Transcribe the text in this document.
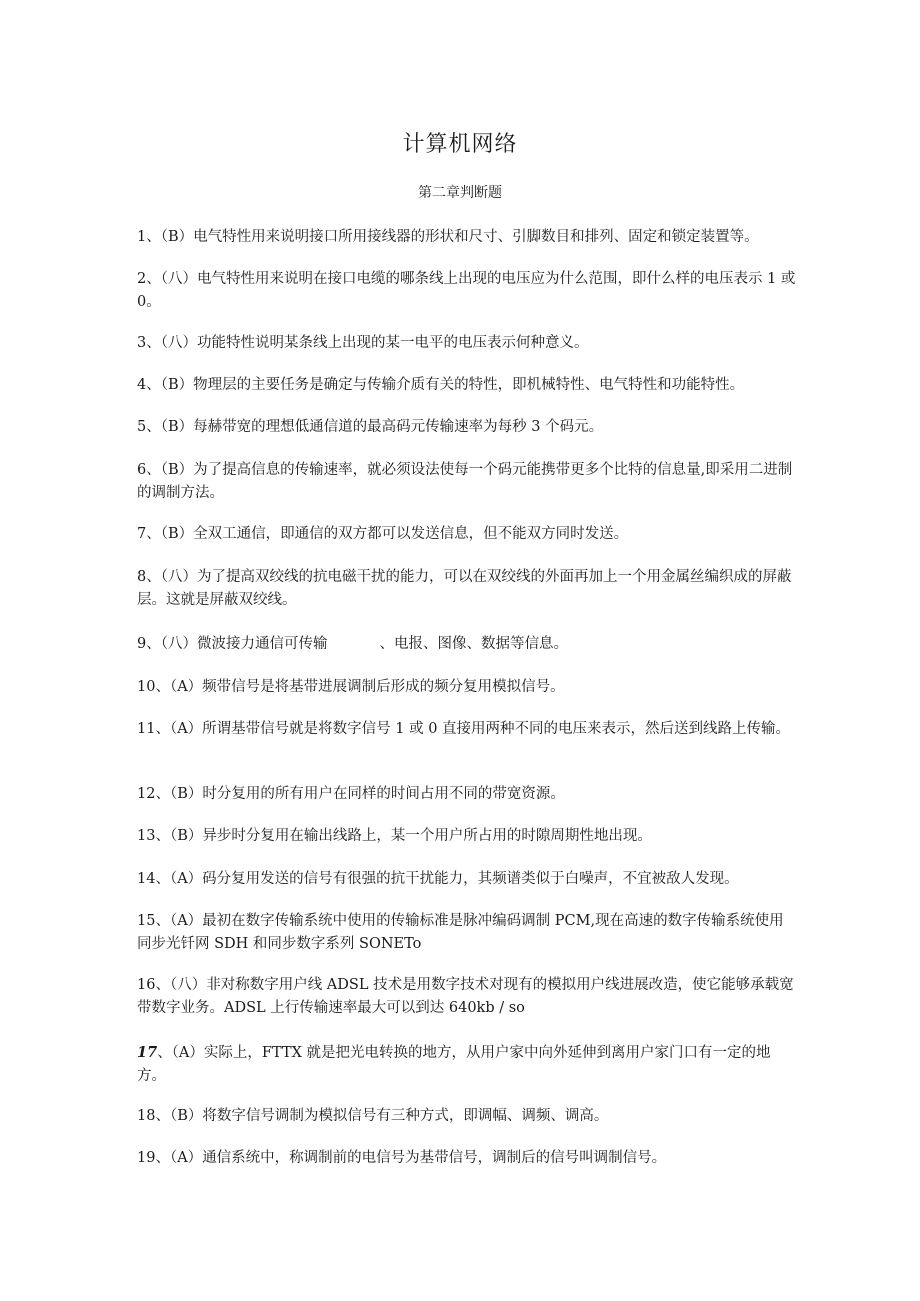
计算机网络
第二章判断题
1、（B）电气特性用来说明接口所用接线器的形状和尺寸、引脚数目和排列、固定和锁定装置等。
2、（八）电气特性用来说明在接口电缆的哪条线上出现的电压应为什么范围，即什么样的电压表示 1 或 0。
3、（八）功能特性说明某条线上出现的某一电平的电压表示何种意义。
4、（B）物理层的主要任务是确定与传输介质有关的特性，即机械特性、电气特性和功能特性。
5、（B）每赫带宽的理想低通信道的最高码元传输速率为每秒 3 个码元。
6、（B）为了提高信息的传输速率，就必须设法使每一个码元能携带更多个比特的信息量,即采用二进制的调制方法。
7、（B）全双工通信，即通信的双方都可以发送信息，但不能双方同时发送。
8、（八）为了提高双绞线的抗电磁干扰的能力，可以在双绞线的外面再加上一个用金属丝编织成的屏蔽层。这就是屏蔽双绞线。
9、（八）微波接力通信可传输	、电报、图像、数据等信息。
10、（A）频带信号是将基带进展调制后形成的频分复用模拟信号。
11、（A）所谓基带信号就是将数字信号 1 或 0 直接用两种不同的电压来表示，然后送到线路上传输。
12、（B）时分复用的所有用户在同样的时间占用不同的带宽资源。
13、（B）异步时分复用在输出线路上，某一个用户所占用的时隙周期性地出现。
14、（A）码分复用发送的信号有很强的抗干扰能力，其频谱类似于白噪声，不宜被敌人发现。
15、（A）最初在数字传输系统中使用的传输标准是脉冲编码调制 PCM,现在高速的数字传输系统使用同步光钎网 SDH 和同步数字系列 SONETo
16、（八）非对称数字用户线 ADSL 技术是用数字技术对现有的模拟用户线进展改造，使它能够承载宽带数字业务。ADSL 上行传输速率最大可以到达 640kb / so
17、（A）实际上，FTTX 就是把光电转换的地方，从用户家中向外延伸到离用户家门口有一定的地方。
18、（B）将数字信号调制为模拟信号有三种方式，即调幅、调频、调高。
19、（A）通信系统中，称调制前的电信号为基带信号，调制后的信号叫调制信号。
